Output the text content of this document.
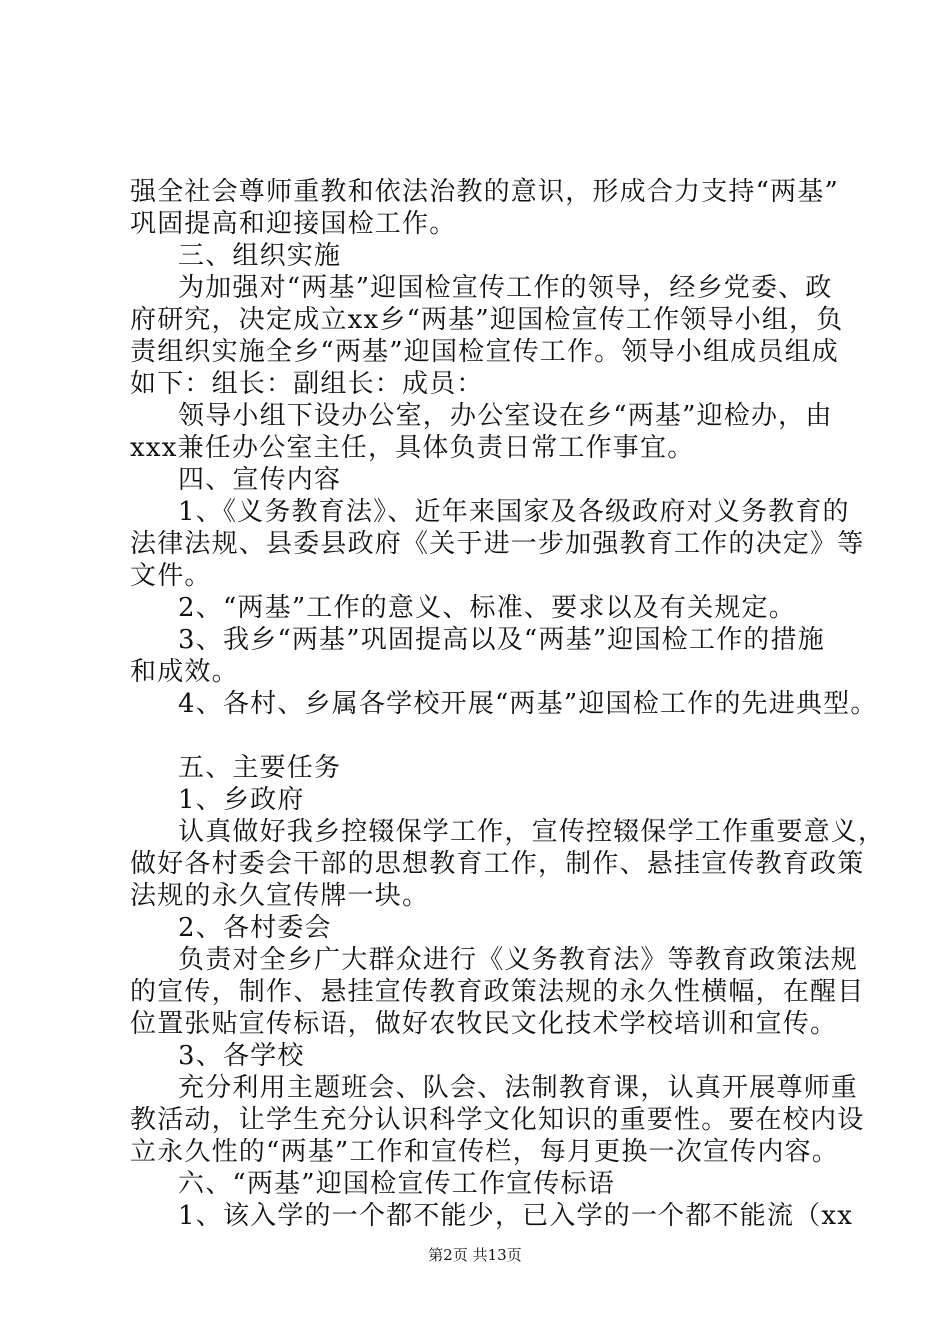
强全社会尊师重教和依法治教的意识，形成合力支持“两基”
巩固提高和迎接国检工作。
三、组织实施
为加强对“两基”迎国检宣传工作的领导，经乡党委、政
府研究，决定成立xx乡“两基”迎国检宣传工作领导小组，负
责组织实施全乡“两基”迎国检宣传工作。领导小组成员组成
如下：组长：副组长：成员：
领导小组下设办公室，办公室设在乡“两基”迎检办，由
xxx兼任办公室主任，具体负责日常工作事宜。
四、宣传内容
1、《义务教育法》、近年来国家及各级政府对义务教育的
法律法规、县委县政府《关于进一步加强教育工作的决定》等
文件。
2、“两基”工作的意义、标准、要求以及有关规定。
3、我乡“两基”巩固提高以及“两基”迎国检工作的措施
和成效。
4、各村、乡属各学校开展“两基”迎国检工作的先进典型。
五、主要任务
1、乡政府
认真做好我乡控辍保学工作，宣传控辍保学工作重要意义，
做好各村委会干部的思想教育工作，制作、悬挂宣传教育政策
法规的永久宣传牌一块。
2、各村委会
负责对全乡广大群众进行《义务教育法》等教育政策法规
的宣传，制作、悬挂宣传教育政策法规的永久性横幅，在醒目
位置张贴宣传标语，做好农牧民文化技术学校培训和宣传。
3、各学校
充分利用主题班会、队会、法制教育课，认真开展尊师重
教活动，让学生充分认识科学文化知识的重要性。要在校内设
立永久性的“两基”工作和宣传栏，每月更换一次宣传内容。
六、“两基”迎国检宣传工作宣传标语
1、该入学的一个都不能少，已入学的一个都不能流（xx
第2页 共13页
